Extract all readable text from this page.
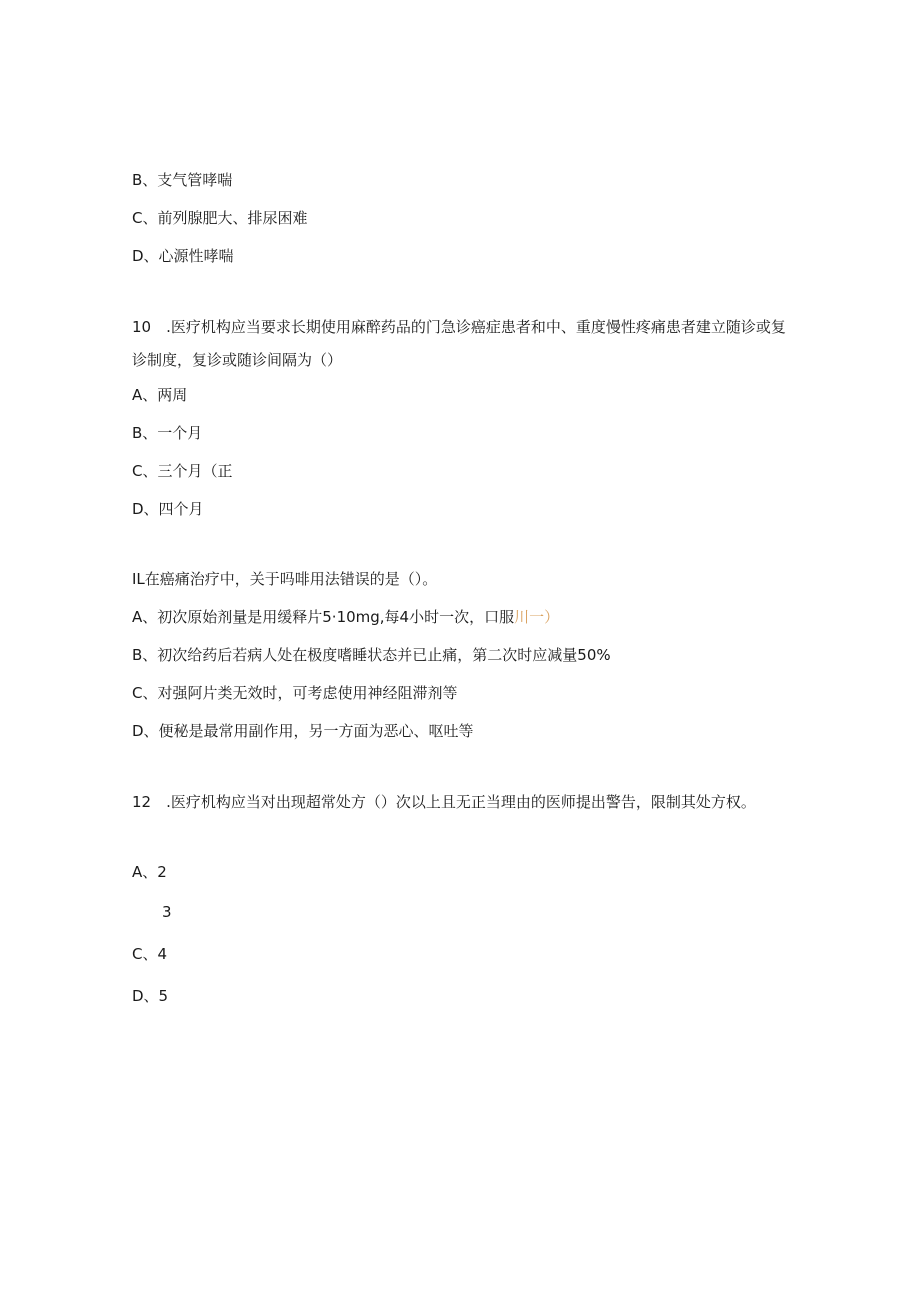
B、支气管哮喘
C、前列腺肥大、排尿困难
D、心源性哮喘
10　.医疗机构应当要求长期使用麻醉药品的门急诊癌症患者和中、重度慢性疼痛患者建立随诊或复诊制度，复诊或随诊间隔为（）
A、两周
B、一个月
C、三个月（正
D、四个月
IL在癌痛治疗中，关于吗啡用法错误的是（）。
A、初次原始剂量是用缓释片5·10mg,每4小时一次，口服川一）
B、初次给药后若病人处在极度嗜睡状态并已止痛，第二次时应减量50%
C、对强阿片类无效时，可考虑使用神经阻滞剂等
D、便秘是最常用副作用，另一方面为恶心、呕吐等
12　.医疗机构应当对出现超常处方（）次以上且无正当理由的医师提出警告，限制其处方权。
A、2
3
C、4
D、5
